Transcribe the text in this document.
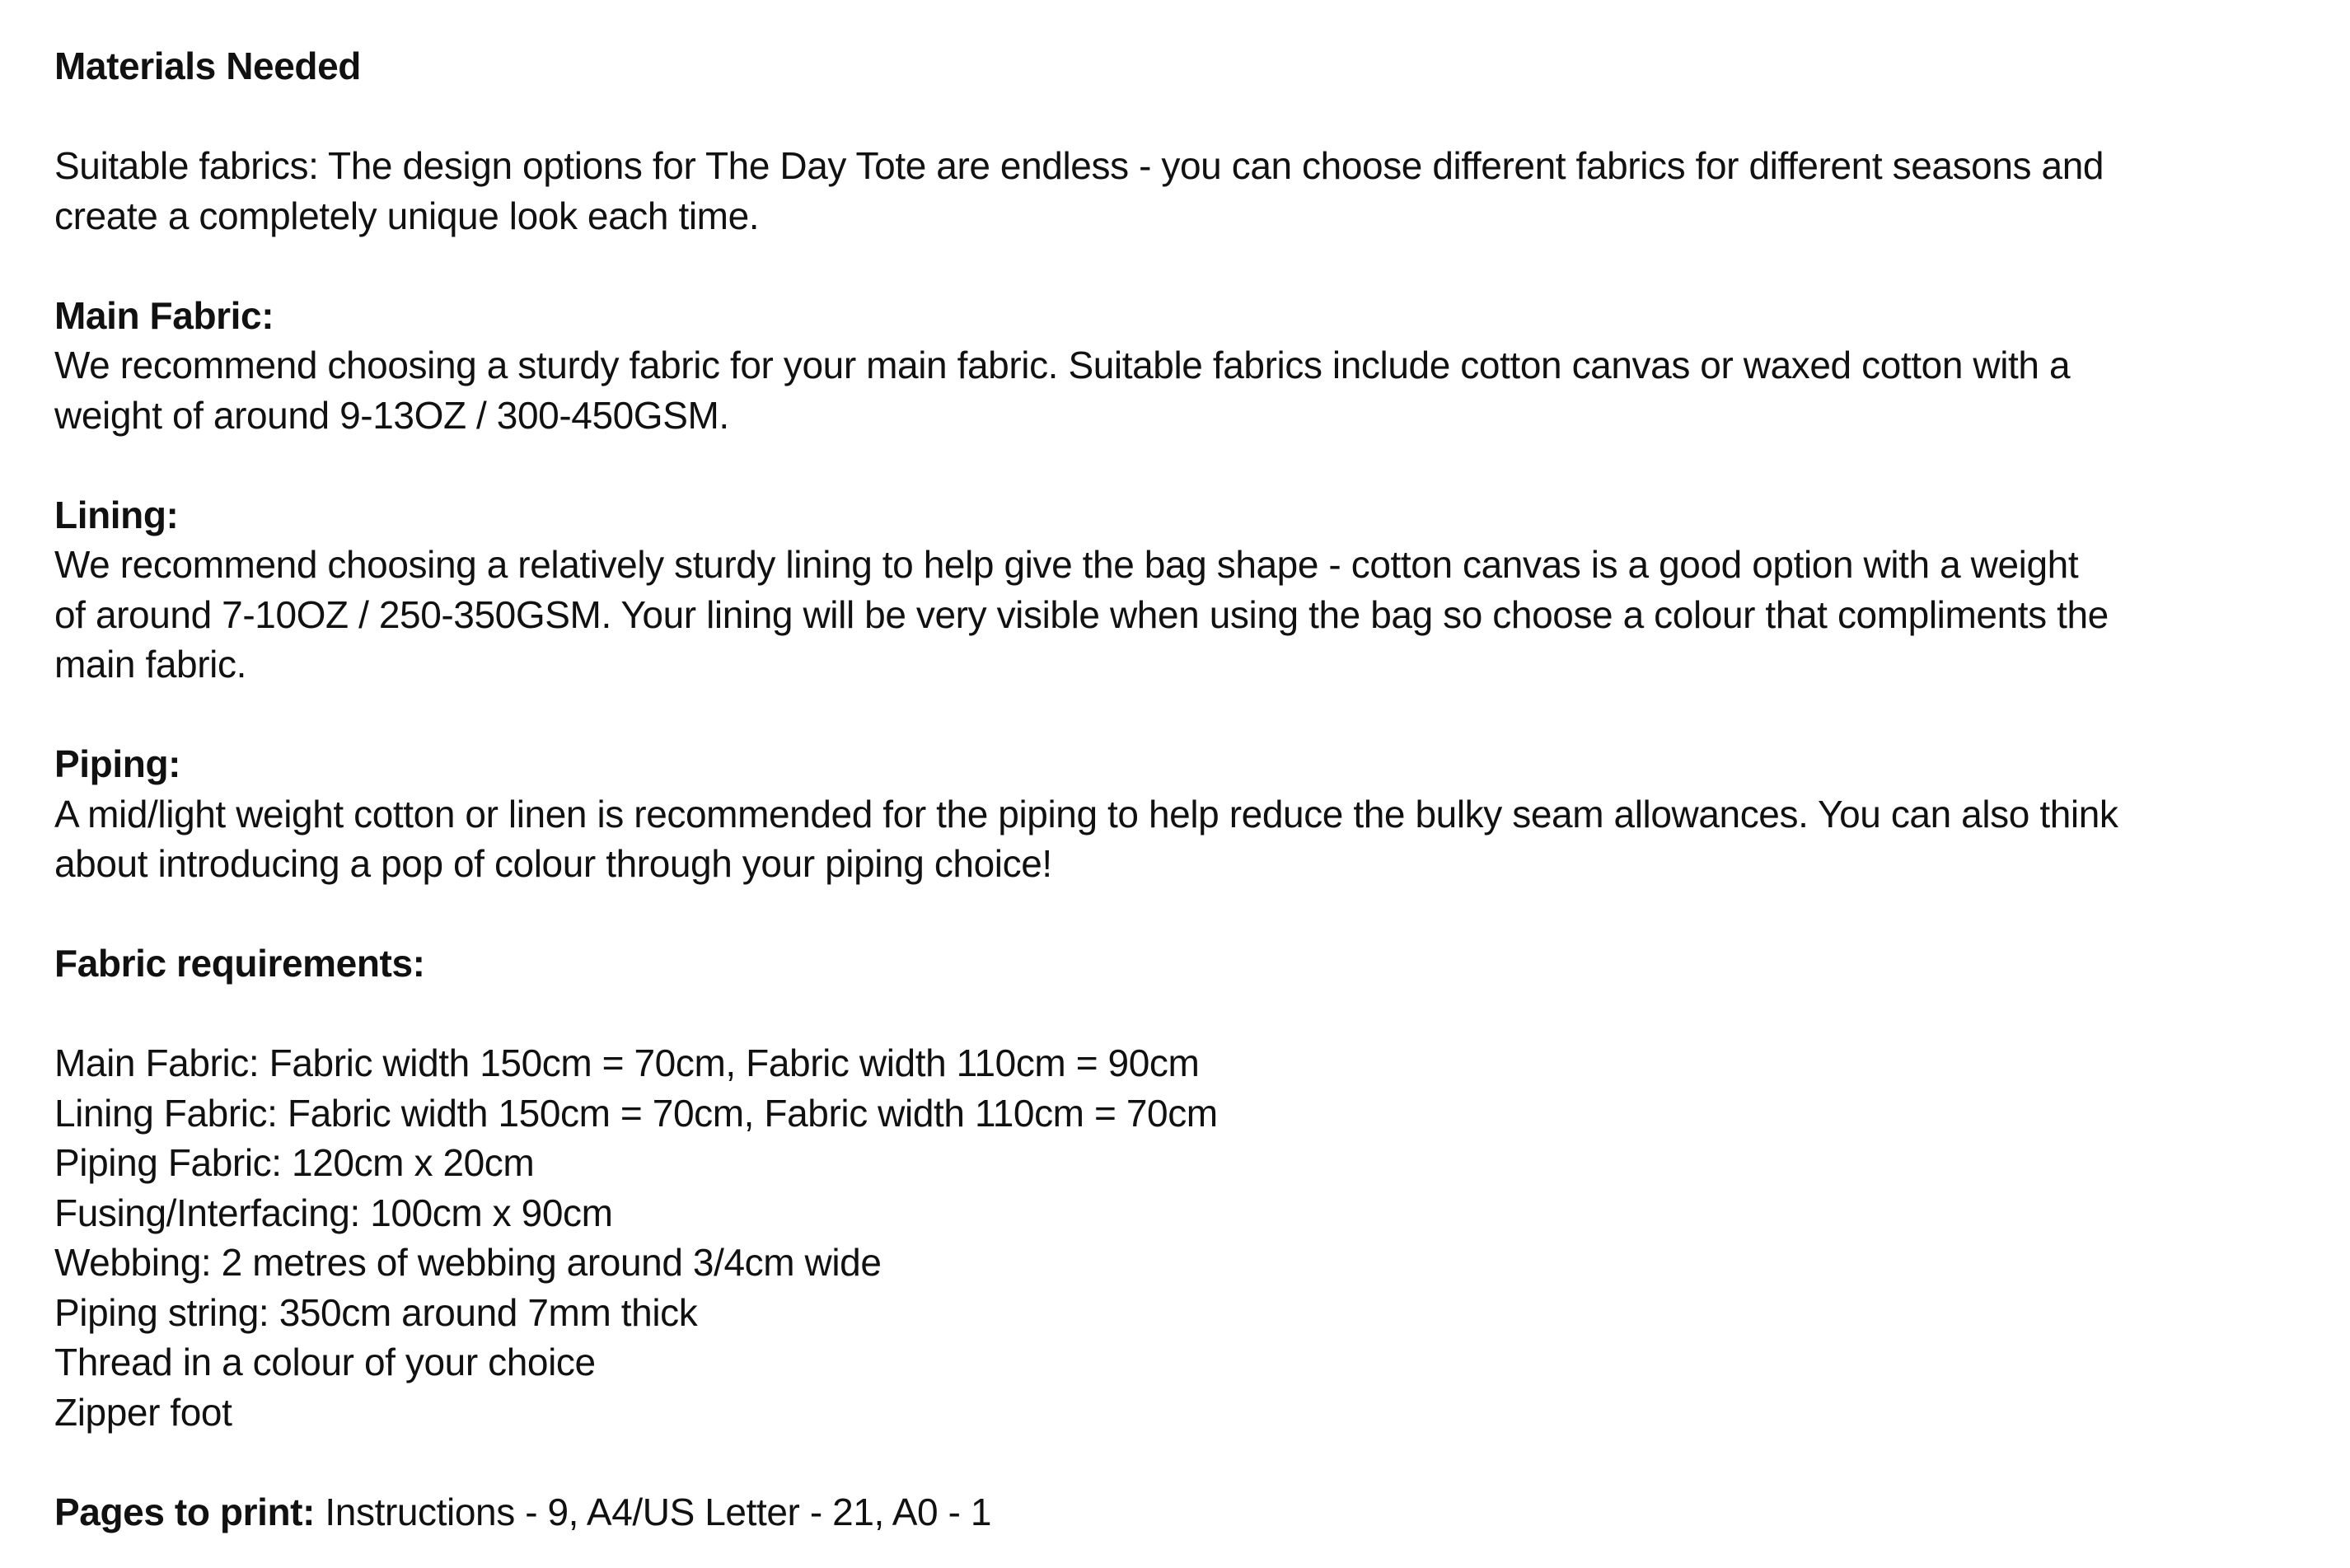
Materials Needed
Suitable fabrics: The design options for The Day Tote are endless - you can choose different fabrics for different seasons and
create a completely unique look each time.
Main Fabric:
We recommend choosing a sturdy fabric for your main fabric. Suitable fabrics include cotton canvas or waxed cotton with a
weight of around 9-13OZ / 300-450GSM.
Lining:
We recommend choosing a relatively sturdy lining to help give the bag shape - cotton canvas is a good option with a weight
of around 7-10OZ / 250-350GSM. Your lining will be very visible when using the bag so choose a colour that compliments the
main fabric.
Piping:
A mid/light weight cotton or linen is recommended for the piping to help reduce the bulky seam allowances. You can also think
about introducing a pop of colour through your piping choice!
Fabric requirements:
Main Fabric: Fabric width 150cm = 70cm, Fabric width 110cm = 90cm
Lining Fabric: Fabric width 150cm = 70cm, Fabric width 110cm = 70cm
Piping Fabric: 120cm x 20cm
Fusing/Interfacing: 100cm x 90cm
Webbing: 2 metres of webbing around 3/4cm wide
Piping string: 350cm around 7mm thick
Thread in a colour of your choice
Zipper foot
Pages to print: Instructions - 9, A4/US Letter - 21, A0 - 1
